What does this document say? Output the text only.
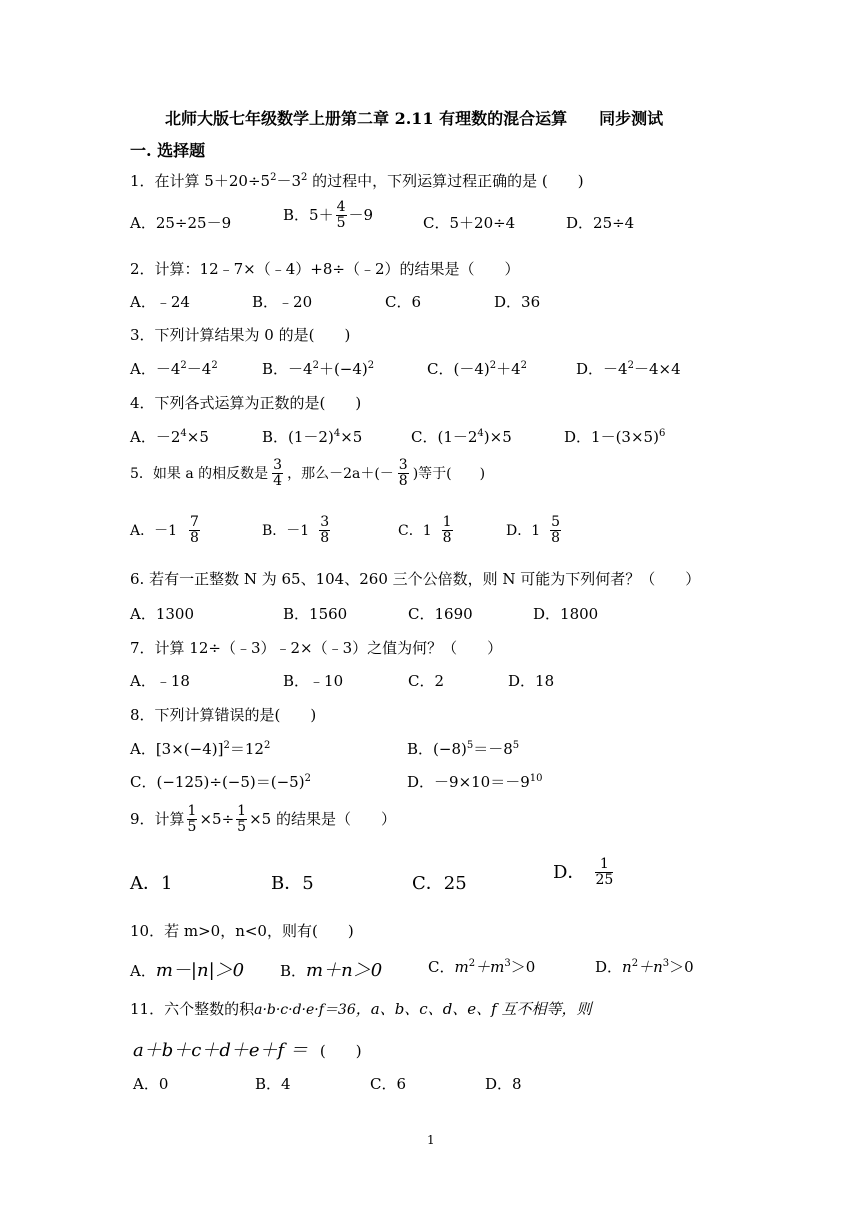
北师大版七年级数学上册第二章 2.11 有理数的混合运算　　同步测试
一. 选择题
1．在计算 $5+20\div 5^2-3^2$ 的过程中，下列运算过程正确的是 (　　)
A．25÷25－9	B．$5+ \frac{4}{5} -9$	C．5＋20÷4	D．25÷4
2．计算：12﹣7×（﹣4）+8÷（﹣2）的结果是（　　）
A．﹣24	B．﹣20	C．6	D．36
3．下列计算结果为 0 的是(　　)
A．$-4^2-4^2$	B．$-4^2+(-4)^2$	C．$(-4)^2+4^2$	D．$-4^2-4\times 4$
4．下列各式运算为正数的是(　　)
A．$-2^4\times 5$	B．$(1-2)^4\times 5$	C．$(1-2^4)\times 5$	D．$1-(3\times 5)^6$
5．如果 a 的相反数是 $\frac{3}{4}$ ，那么$-2a+(- \frac{3}{8}$ )等于(　　)
A．$-1 \frac{7}{8}$	B．$-1 \frac{3}{8}$	C．$1 \frac{1}{8}$	D．$1 \frac{5}{8}$
6. 若有一正整数 N 为 65、104、260 三个公倍数，则 N 可能为下列何者？（　　）
A．1300	B．1560	C．1690	D．1800
7．计算 12÷（﹣3）﹣2×（﹣3）之值为何？（　　）
A．﹣18	B．﹣10	C．2	D．18
8．下列计算错误的是(　　)
A．$[3\times(-4)]^2=12^2$	B．$(-8)^5=-8^5$
C．$(-125)\div(-5)=(-5)^2$	D．$-9\times 10=-9^{10}$
9．计算 $\frac{1}{5} \times 5\div \frac{1}{5} \times 5$ 的结果是（　　）
A．1	B．5	C．25
D． $\frac{1}{25}$
10．若 m>0，n<0，则有(　　)
A．m－|n|＞0 B．m＋n＞0	C．$m^2+m^3>0$	D．$n^2+n^3>0$
11．六个整数的积a·b·c·d·e·f＝36，a、b、c、d、e、f 互不相等，则
a＋b＋c＋d＋e＋f ＝ (　　)
A．0	B．4	C．6	D．8
1
